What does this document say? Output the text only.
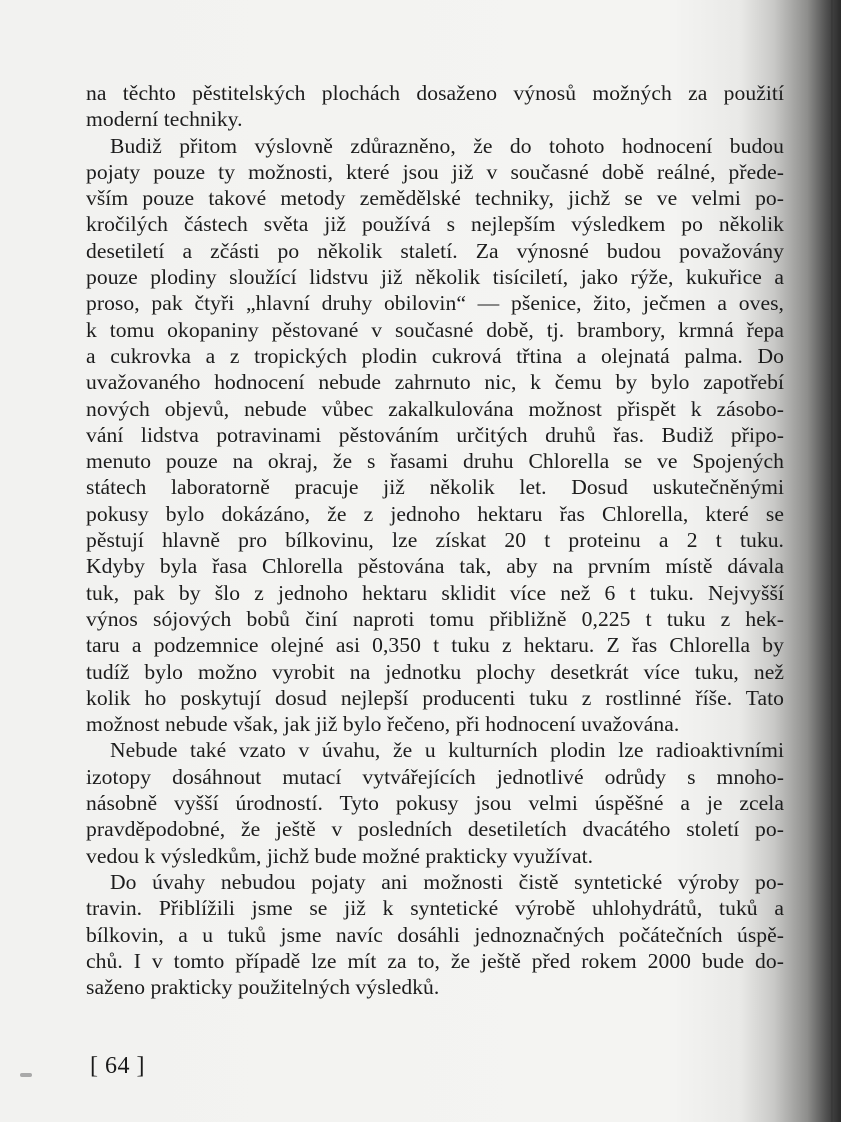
na těchto pěstitelských plochách dosaženo výnosů možných za použití
moderní techniky.
Budiž přitom výslovně zdůrazněno, že do tohoto hodnocení budou
pojaty pouze ty možnosti, které jsou již v současné době reálné, přede-
vším pouze takové metody zemědělské techniky, jichž se ve velmi po-
kročilých částech světa již používá s nejlepším výsledkem po několik
desetiletí a zčásti po několik staletí. Za výnosné budou považovány
pouze plodiny sloužící lidstvu již několik tisíciletí, jako rýže, kukuřice a
proso, pak čtyři „hlavní druhy obilovin“ — pšenice, žito, ječmen a oves,
k tomu okopaniny pěstované v současné době, tj. brambory, krmná řepa
a cukrovka a z tropických plodin cukrová třtina a olejnatá palma. Do
uvažovaného hodnocení nebude zahrnuto nic, k čemu by bylo zapotřebí
nových objevů, nebude vůbec zakalkulována možnost přispět k zásobo-
vání lidstva potravinami pěstováním určitých druhů řas. Budiž připo-
menuto pouze na okraj, že s řasami druhu Chlorella se ve Spojených
státech laboratorně pracuje již několik let. Dosud uskutečněnými
pokusy bylo dokázáno, že z jednoho hektaru řas Chlorella, které se
pěstují hlavně pro bílkovinu, lze získat 20 t proteinu a 2 t tuku.
Kdyby byla řasa Chlorella pěstována tak, aby na prvním místě dávala
tuk, pak by šlo z jednoho hektaru sklidit více než 6 t tuku. Nejvyšší
výnos sójových bobů činí naproti tomu přibližně 0,225 t tuku z hek-
taru a podzemnice olejné asi 0,350 t tuku z hektaru. Z řas Chlorella by
tudíž bylo možno vyrobit na jednotku plochy desetkrát více tuku, než
kolik ho poskytují dosud nejlepší producenti tuku z rostlinné říše. Tato
možnost nebude však, jak již bylo řečeno, při hodnocení uvažována.
Nebude také vzato v úvahu, že u kulturních plodin lze radioaktivními
izotopy dosáhnout mutací vytvářejících jednotlivé odrůdy s mnoho-
násobně vyšší úrodností. Tyto pokusy jsou velmi úspěšné a je zcela
pravděpodobné, že ještě v posledních desetiletích dvacátého století po-
vedou k výsledkům, jichž bude možné prakticky využívat.
Do úvahy nebudou pojaty ani možnosti čistě syntetické výroby po-
travin. Přiblížili jsme se již k syntetické výrobě uhlohydrátů, tuků a
bílkovin, a u tuků jsme navíc dosáhli jednoznačných počátečních úspě-
chů. I v tomto případě lze mít za to, že ještě před rokem 2000 bude do-
saženo prakticky použitelných výsledků.
[ 64 ]
